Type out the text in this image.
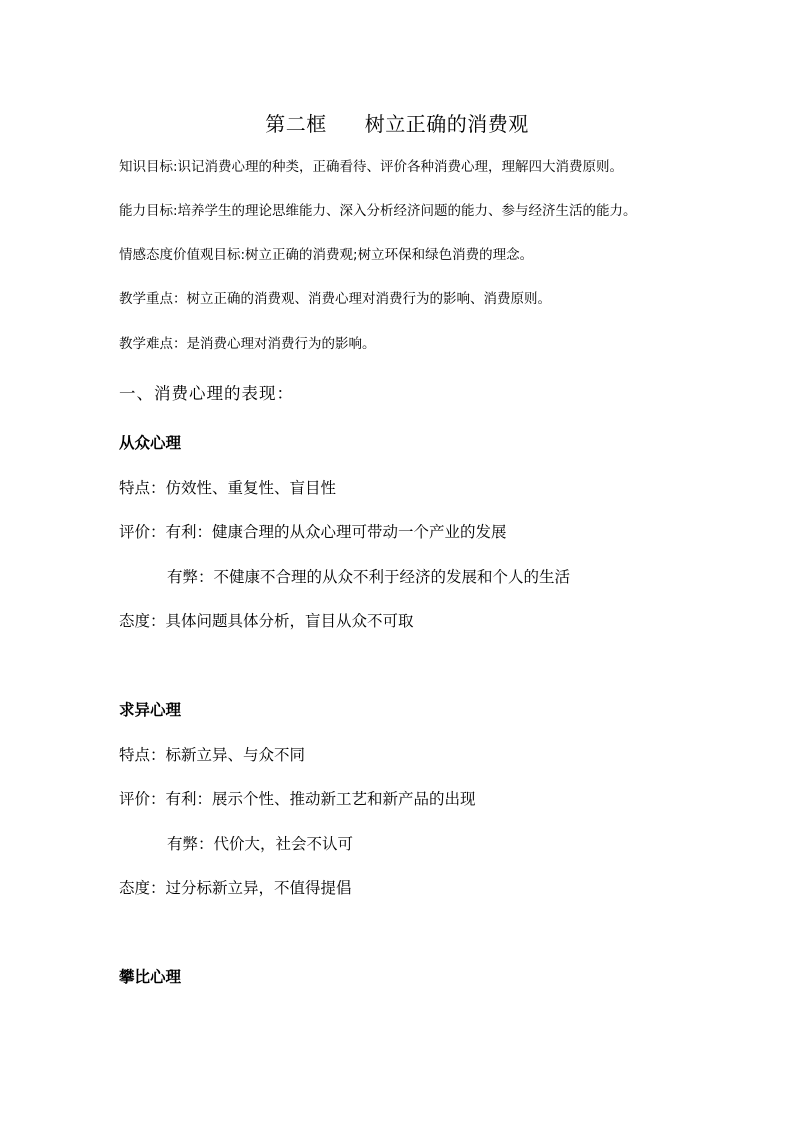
第二框 树立正确的消费观
知识目标:识记消费心理的种类，正确看待、评价各种消费心理，理解四大消费原则。
能力目标:培养学生的理论思维能力、深入分析经济问题的能力、参与经济生活的能力。
情感态度价值观目标:树立正确的消费观;树立环保和绿色消费的理念。
教学重点：树立正确的消费观、消费心理对消费行为的影响、消费原则。
教学难点：是消费心理对消费行为的影响。
一、消费心理的表现：
从众心理
特点：仿效性、重复性、盲目性
评价：有利：健康合理的从众心理可带动一个产业的发展
有弊：不健康不合理的从众不利于经济的发展和个人的生活
态度：具体问题具体分析，盲目从众不可取
求异心理
特点：标新立异、与众不同
评价：有利：展示个性、推动新工艺和新产品的出现
有弊：代价大，社会不认可
态度：过分标新立异，不值得提倡
攀比心理
